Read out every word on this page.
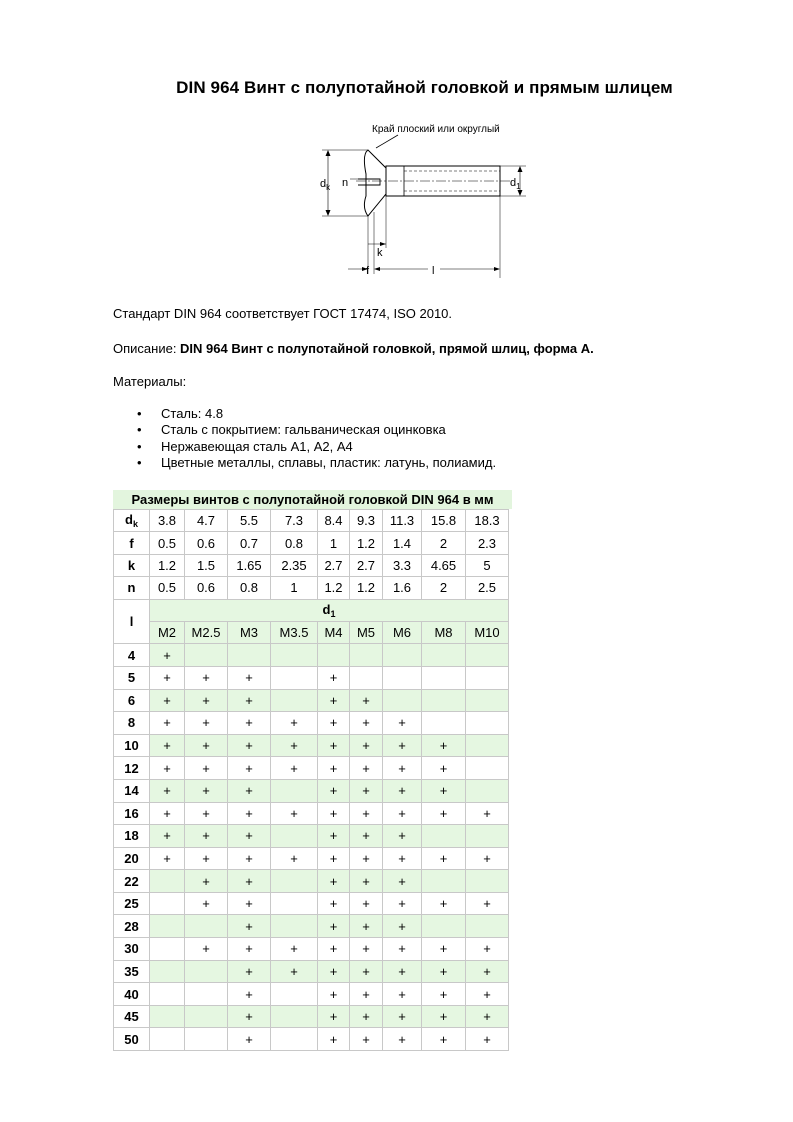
DIN 964 Винт с полупотайной головкой и прямым шлицем
Край плоский или округлый
$d_k$ n	$d_1$
k
f	l
Стандарт DIN 964 соответствует ГОСТ 17474, ISO 2010.
Описание: DIN 964 Винт с полупотайной головкой, прямой шлиц, форма А.
Материалы:
• Сталь: 4.8
• Сталь с покрытием: гальваническая оцинковка
• Нержавеющая сталь А1, А2, А4
• Цветные металлы, сплавы, пластик: латунь, полиамид.
Размеры винтов с полупотайной головкой DIN 964 в мм
$d_k$	3.8	4.7	5.5	7.3	8.4	9.3	11.3	15.8	18.3
f	0.5	0.6	0.7	0.8	1	1.2	1.4	2	2.3
k	1.2	1.5	1.65	2.35	2.7	2.7	3.3	4.65	5
n	0.5	0.6	0.8	1	1.2	1.2	1.6	2	2.5
l	$d_1$
	M2	M2.5	M3	M3.5	M4	M5	M6	M8	M10
4	+								
5	+	+	+		+				
6	+	+	+		+	+			
8	+	+	+	+	+	+	+		
10	+	+	+	+	+	+	+	+	
12	+	+	+	+	+	+	+	+	
14	+	+	+		+	+	+	+	
16	+	+	+	+	+	+	+	+	+
18	+	+	+		+	+	+		
20	+	+	+	+	+	+	+	+	+
22		+	+		+	+	+		
25		+	+		+	+	+	+	+
28			+		+	+	+		
30		+	+	+	+	+	+	+	+
35			+	+	+	+	+	+	+
40			+		+	+	+	+	+
45			+		+	+	+	+	+
50			+		+	+	+	+	+
